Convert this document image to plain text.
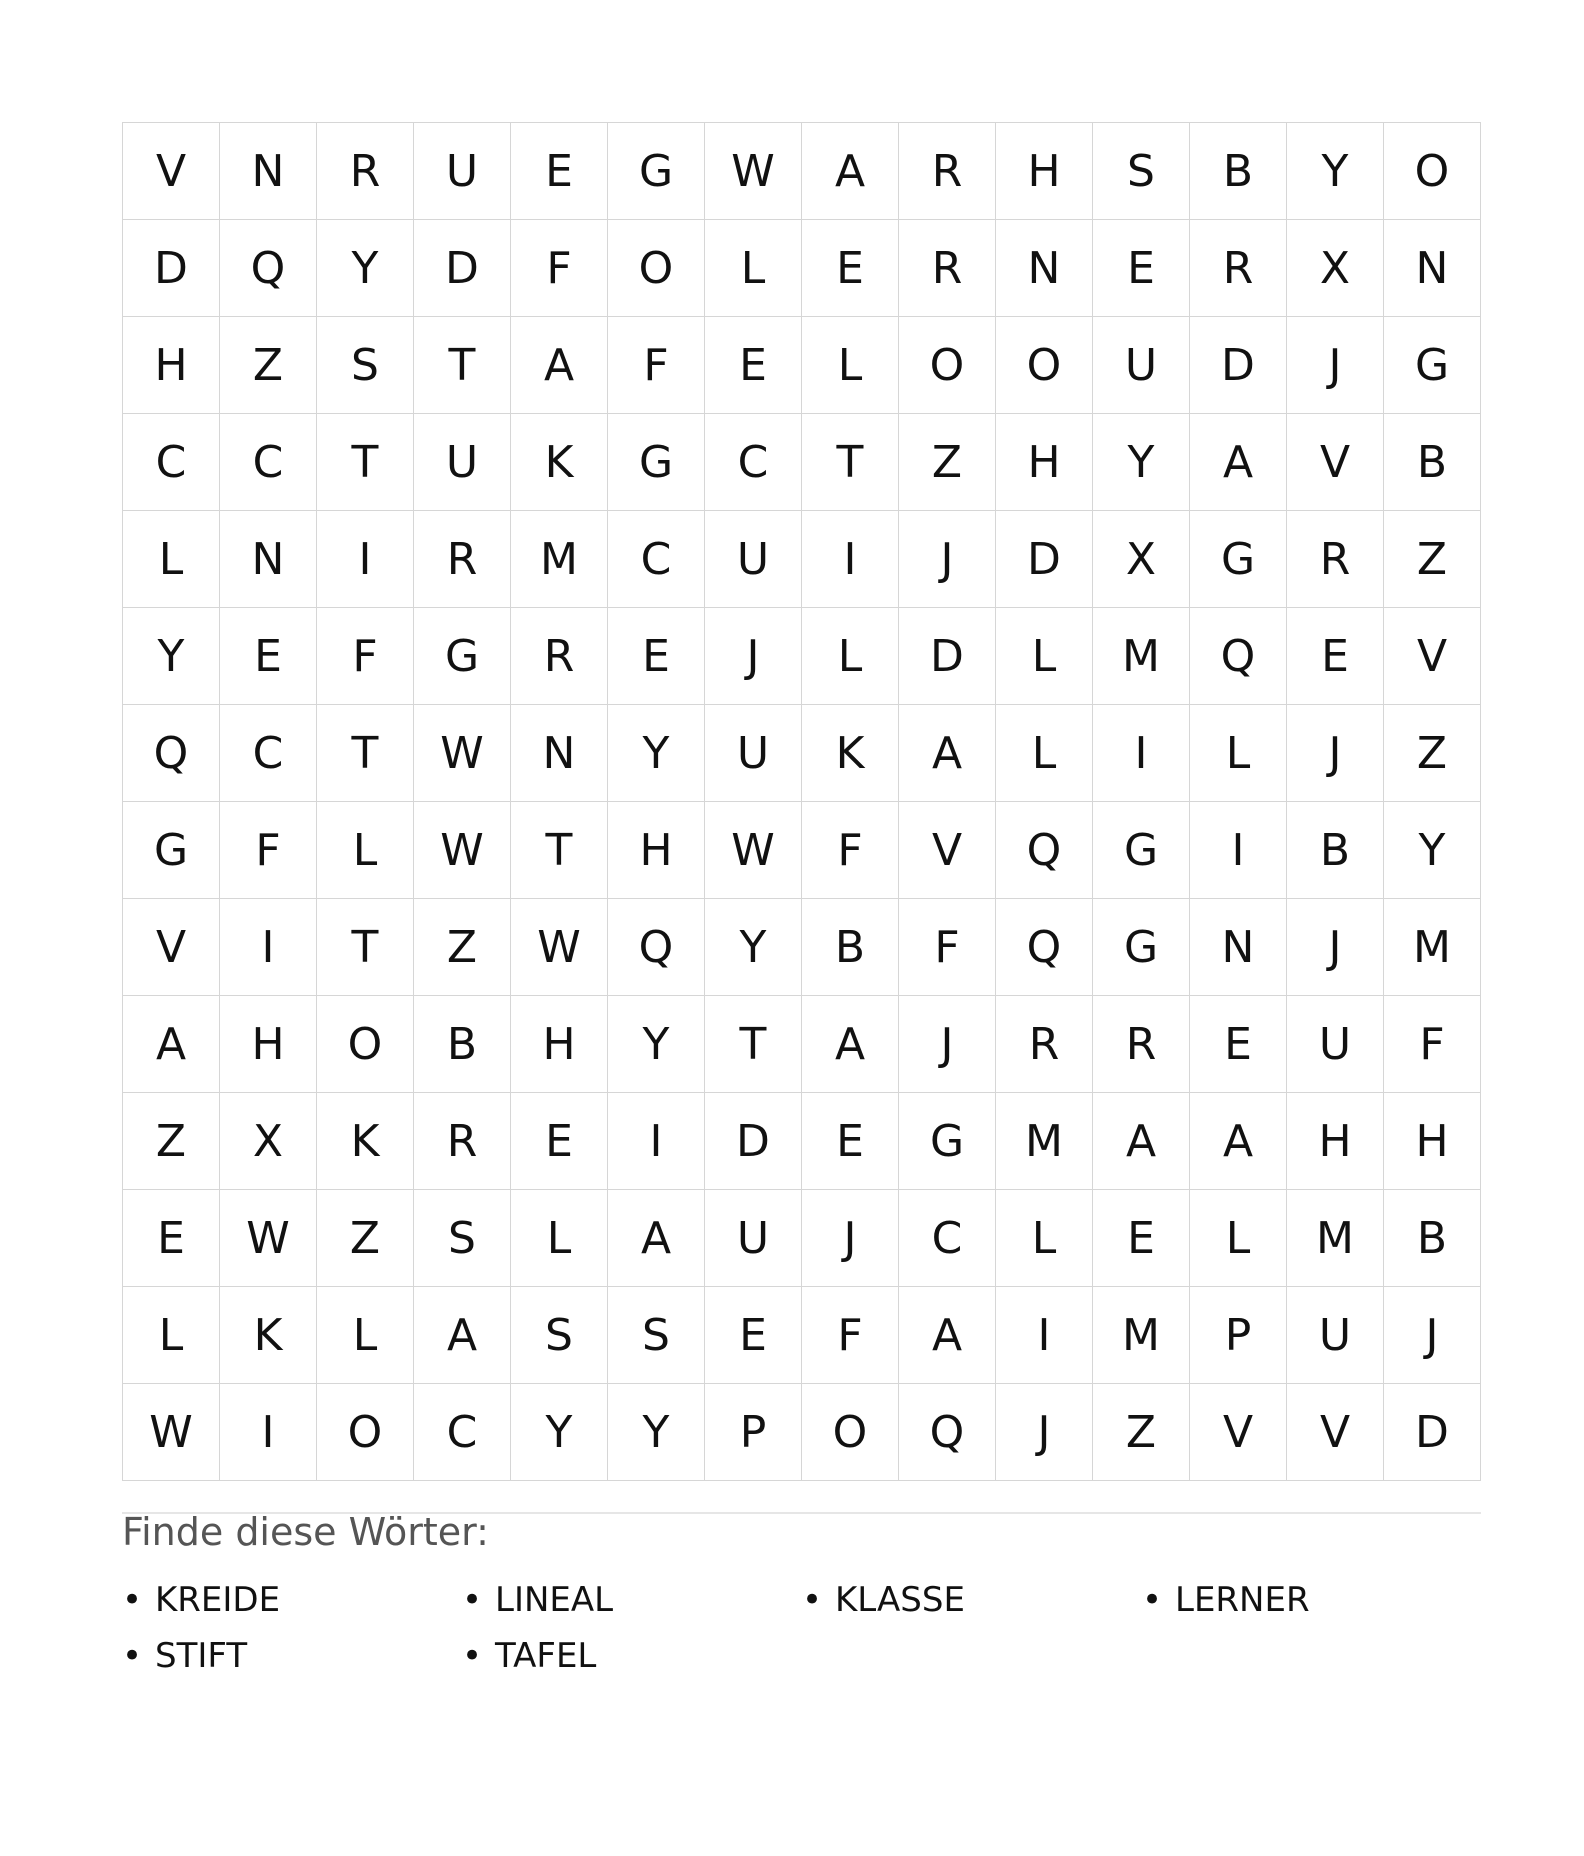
V	N	R	U	E	G	W	A	R	H	S	B	Y	O
D	Q	Y	D	F	O	L	E	R	N	E	R	X	N
H	Z	S	T	A	F	E	L	O	O	U	D	J	G
C	C	T	U	K	G	C	T	Z	H	Y	A	V	B
L	N	I	R	M	C	U	I	J	D	X	G	R	Z
Y	E	F	G	R	E	J	L	D	L	M	Q	E	V
Q	C	T	W	N	Y	U	K	A	L	I	L	J	Z
G	F	L	W	T	H	W	F	V	Q	G	I	B	Y
V	I	T	Z	W	Q	Y	B	F	Q	G	N	J	M
A	H	O	B	H	Y	T	A	J	R	R	E	U	F
Z	X	K	R	E	I	D	E	G	M	A	A	H	H
E	W	Z	S	L	A	U	J	C	L	E	L	M	B
L	K	L	A	S	S	E	F	A	I	M	P	U	J
W	I	O	C	Y	Y	P	O	Q	J	Z	V	V	D
Finde diese Wörter:
• KREIDE	• LINEAL	• KLASSE	• LERNER
• STIFT	• TAFEL
